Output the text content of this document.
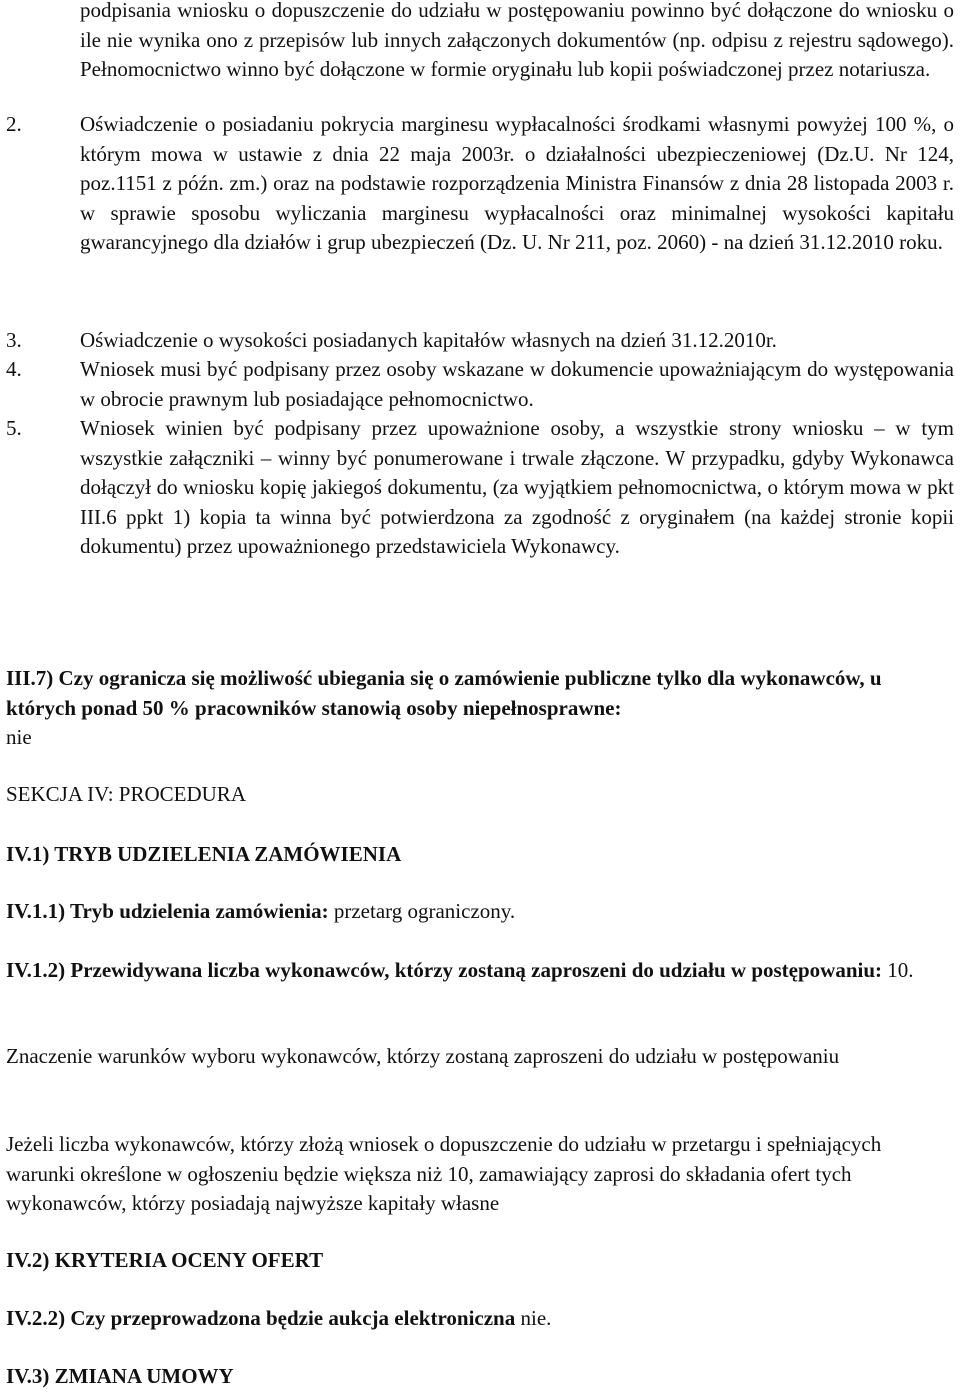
podpisania wniosku o dopuszczenie do udziału w postępowaniu powinno być dołączone do wniosku o ile nie wynika ono z przepisów lub innych załączonych dokumentów (np. odpisu z rejestru sądowego). Pełnomocnictwo winno być dołączone w formie oryginału lub kopii poświadczonej przez notariusza.
2.	Oświadczenie o posiadaniu pokrycia marginesu wypłacalności środkami własnymi powyżej 100 %, o którym mowa w ustawie z dnia 22 maja 2003r. o działalności ubezpieczeniowej (Dz.U. Nr 124, poz.1151 z późn. zm.) oraz na podstawie rozporządzenia Ministra Finansów z dnia 28 listopada 2003 r. w sprawie sposobu wyliczania marginesu wypłacalności oraz minimalnej wysokości kapitału gwarancyjnego dla działów i grup ubezpieczeń (Dz. U. Nr 211, poz. 2060) - na dzień 31.12.2010 roku.
3.	Oświadczenie o wysokości posiadanych kapitałów własnych na dzień 31.12.2010r.
4.	Wniosek musi być podpisany przez osoby wskazane w dokumencie upoważniającym do występowania w obrocie prawnym lub posiadające pełnomocnictwo.
5.	Wniosek winien być podpisany przez upoważnione osoby, a wszystkie strony wniosku – w tym wszystkie załączniki – winny być ponumerowane i trwale złączone. W przypadku, gdyby Wykonawca dołączył do wniosku kopię jakiegoś dokumentu, (za wyjątkiem pełnomocnictwa, o którym mowa w pkt III.6 ppkt 1) kopia ta winna być potwierdzona za zgodność z oryginałem (na każdej stronie kopii dokumentu) przez upoważnionego przedstawiciela Wykonawcy.
III.7) Czy ogranicza się możliwość ubiegania się o zamówienie publiczne tylko dla wykonawców, u których ponad 50 % pracowników stanowią osoby niepełnosprawne:
nie
SEKCJA IV: PROCEDURA
IV.1) TRYB UDZIELENIA ZAMÓWIENIA
IV.1.1) Tryb udzielenia zamówienia: przetarg ograniczony.
IV.1.2) Przewidywana liczba wykonawców, którzy zostaną zaproszeni do udziału w postępowaniu: 10.
Znaczenie warunków wyboru wykonawców, którzy zostaną zaproszeni do udziału w postępowaniu
Jeżeli liczba wykonawców, którzy złożą wniosek o dopuszczenie do udziału w przetargu i spełniających warunki określone w ogłoszeniu będzie większa niż 10, zamawiający zaprosi do składania ofert tych wykonawców, którzy posiadają najwyższe kapitały własne
IV.2) KRYTERIA OCENY OFERT
IV.2.2) Czy przeprowadzona będzie aukcja elektroniczna nie.
IV.3) ZMIANA UMOWY
